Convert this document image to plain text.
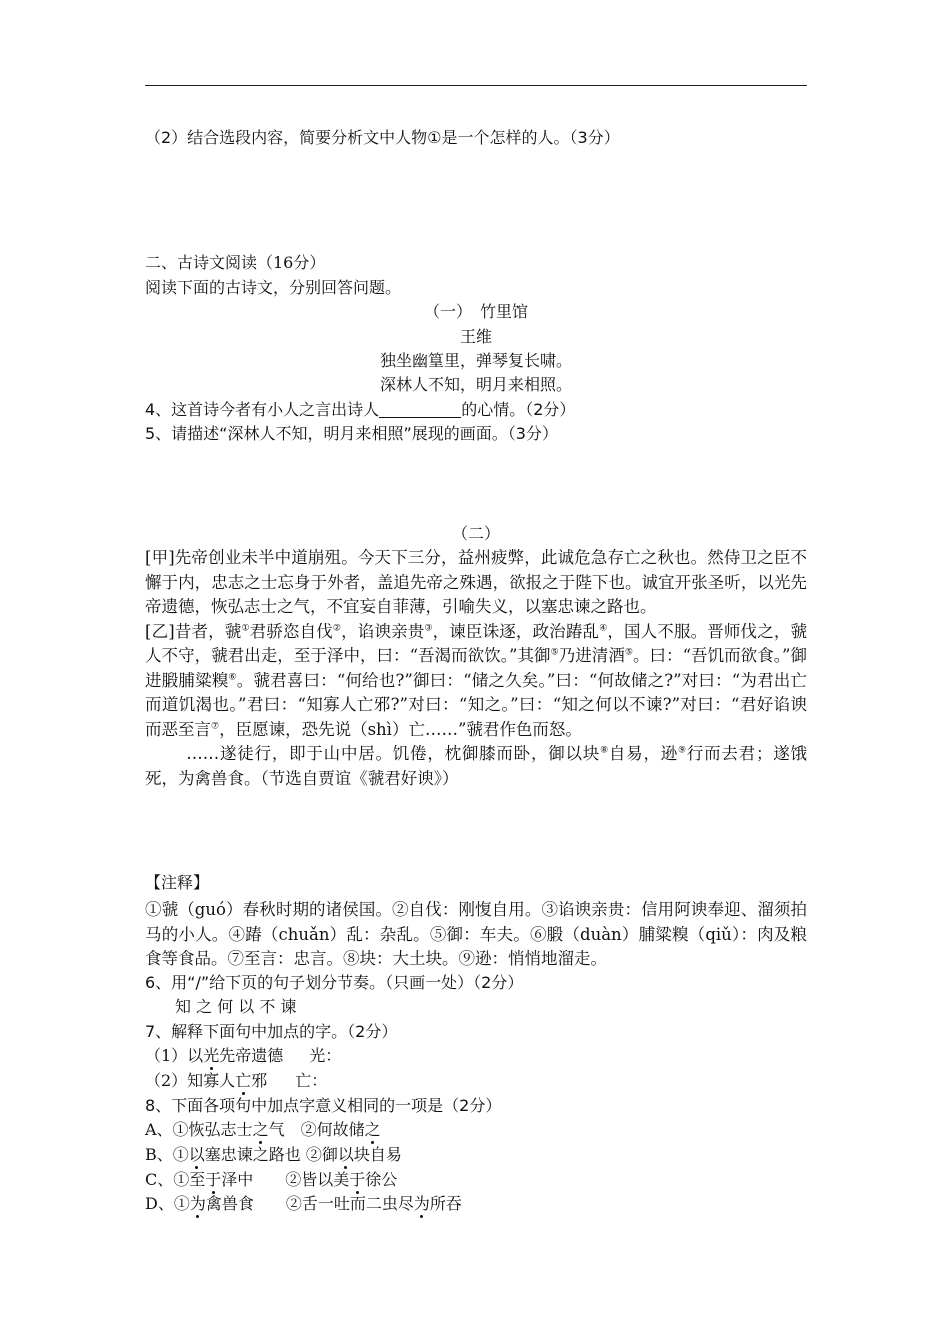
（2）结合选段内容，简要分析文中人物①是一个怎样的人。（3分）
二、古诗文阅读（16分）
阅读下面的古诗文，分别回答问题。
（一）　竹里馆
王维
独坐幽篁里，弹琴复长啸。
深林人不知，明月来相照。
4、这首诗今者有小人之言出诗人	的心情。（2分）
5、请描述“深林人不知，明月来相照”展现的画面。（3分）
（二）

[甲]先帝创业未半中道崩殂。今天下三分，益州疲弊，此诚危急存亡之秋也。然侍卫之臣不懈于内，忠志之士忘身于外者，盖追先帝之殊遇，欲报之于陛下也。诚宜开张圣听，以光先帝遗德，恢弘志士之气，不宜妄自菲薄，引喻失义，以塞忠谏之路也。

[乙]昔者，虢①君骄恣自伐②，谄谀亲贵③，谏臣诛逐，政治踳乱④，国人不服。晋师伐之，虢人不守，虢君出走，至于泽中，曰：“吾渴而欲饮。”其御⑤乃进清酒⑤。曰：“吾饥而欲食。”御进腶脯粱糗⑥。虢君喜曰：“何给也?”御曰：“储之久矣。”曰：“何故储之?”对曰：“为君出亡而道饥渴也。”君曰：“知寡人亡邪?”对曰：“知之。”曰：“知之何以不谏?”对曰：“君好谄谀而恶至言⑦，臣愿谏，恐先说（shì）亡……”虢君作色而怒。

……遂徒行，即于山中居。饥倦，枕御膝而卧，御以块⑧自易，逊⑨行而去君；遂饿死，为禽兽食。（节选自贾谊《虢君好谀》）

【注释】
①虢（guó）春秋时期的诸侯国。②自伐：刚愎自用。③谄谀亲贵：信用阿谀奉迎、溜须拍马的小人。④踳（chuǎn）乱：杂乱。⑤御：车夫。⑥腶（duàn）脯粱糗（qiǔ）：肉及粮食等食品。⑦至言：忠言。⑧块：大土块。⑨逊：悄悄地溜走。
6、用“/”给下页的句子划分节奏。（只画一处）（2分）
知 之 何 以 不 谏
7、解释下面句中加点的字。（2分）
（1）以光先帝遗德 光：
（2）知寡人亡邪 亡：
8、下面各项句中加点字意义相同的一项是（2分）
A、①恢弘志士之气　②何故储之
B、①以塞忠谏之路也 ②御以块自易
C、①至于泽中　　②皆以美于徐公
D、①为禽兽食　　②舌一吐而二虫尽为所吞
